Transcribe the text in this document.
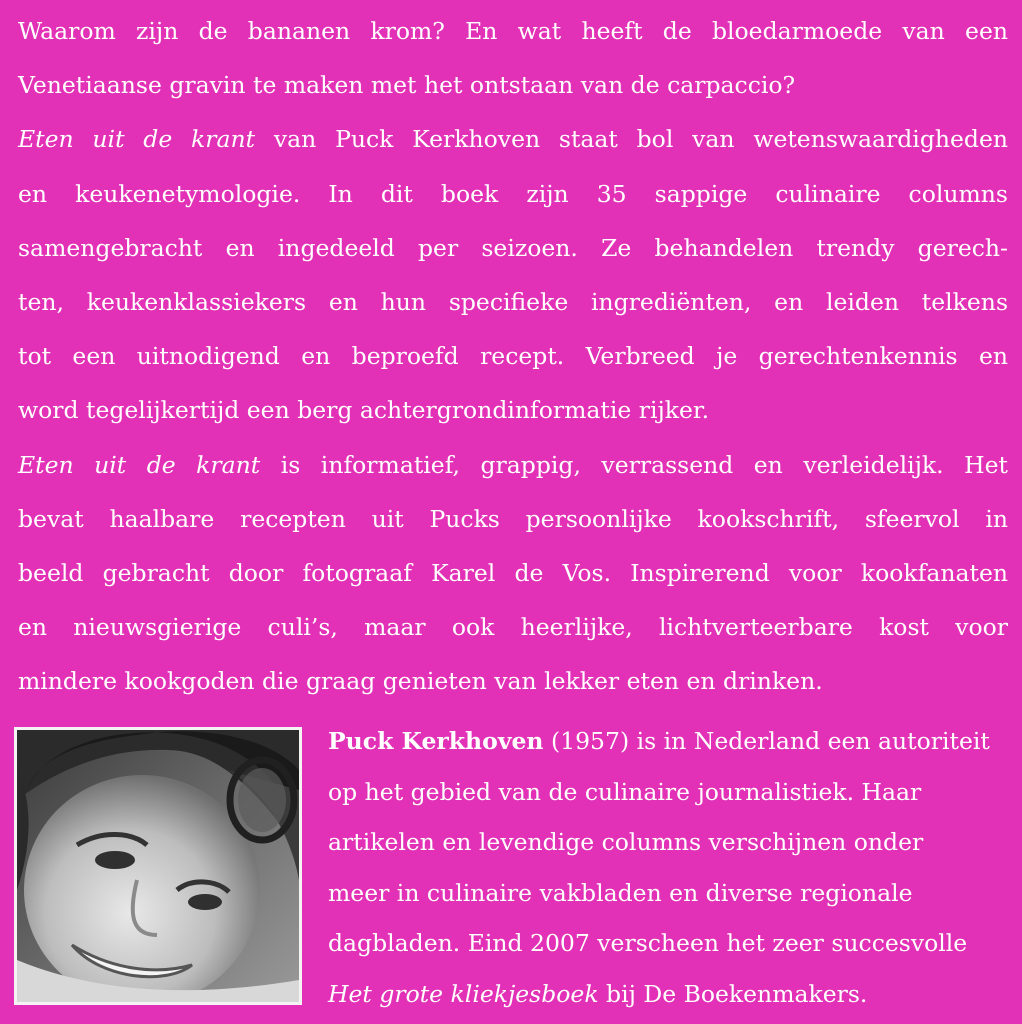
Waarom zijn de bananen krom? En wat heeft de bloedarmoede van een
Venetiaanse gravin te maken met het ontstaan van de carpaccio?

Eten uit de krant van Puck Kerkhoven staat bol van wetenswaardigheden
en keukenetymologie. In dit boek zijn 35 sappige culinaire columns
samengebracht en ingedeeld per seizoen. Ze behandelen trendy gerech-
ten, keukenklassiekers en hun specifieke ingrediënten, en leiden telkens
tot een uitnodigend en beproefd recept. Verbreed je gerechtenkennis en
word tegelijkertijd een berg achtergrondinformatie rijker.

Eten uit de krant is informatief, grappig, verrassend en verleidelijk. Het
bevat haalbare recepten uit Pucks persoonlijke kookschrift, sfeervol in
beeld gebracht door fotograaf Karel de Vos. Inspirerend voor kookfanaten
en nieuwsgierige culi’s, maar ook heerlijke, lichtverteerbare kost voor
mindere kookgoden die graag genieten van lekker eten en drinken.

Puck Kerkhoven (1957) is in Nederland een autoriteit
op het gebied van de culinaire journalistiek. Haar
artikelen en levendige columns verschijnen onder
meer in culinaire vakbladen en diverse regionale
dagbladen. Eind 2007 verscheen het zeer succesvolle
Het grote kliekjesboek bij De Boekenmakers.
